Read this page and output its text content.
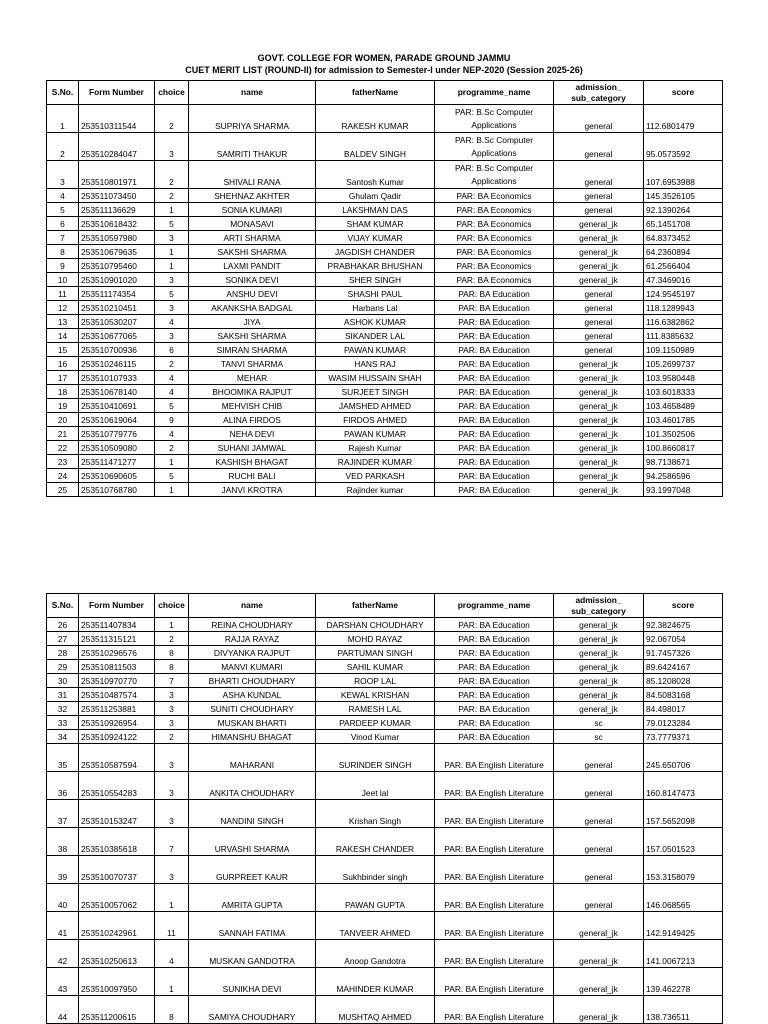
GOVT. COLLEGE FOR WOMEN, PARADE GROUND JAMMU
CUET MERIT LIST (ROUND-II) for admission to Semester-I under NEP-2020 (Session 2025-26)
S.No.	Form Number	choice	name	fatherName	programme_name	admission_ sub_category	score
1	253510311544	2	SUPRIYA SHARMA	RAKESH KUMAR	PAR: B.Sc Computer Applications	general	112.6801479
2	253510284047	3	SAMRITI THAKUR	BALDEV SINGH	PAR: B.Sc Computer Applications	general	95.0573592
3	253510801971	2	SHIVALI RANA	Santosh Kumar	PAR: B.Sc Computer Applications	general	107.6953988
4	253511073450	2	SHEHNAZ AKHTER	Ghulam Qadir	PAR: BA Economics	general	145.3526105
5	253511136629	1	SONIA KUMARI	LAKSHMAN DAS	PAR: BA Economics	general	92.1390264
6	253510618432	5	MONASAVI	SHAM KUMAR	PAR: BA Economics	general_jk	65.1451708
7	253510597980	3	ARTI SHARMA	VIJAY KUMAR	PAR: BA Economics	general_jk	64.8373452
8	253510679635	1	SAKSHI SHARMA	JAGDISH CHANDER	PAR: BA Economics	general_jk	64.2360894
9	253510795460	1	LAXMI PANDIT	PRABHAKAR BHUSHAN	PAR: BA Economics	general_jk	61.2566404
10	253510901020	3	SONIKA DEVI	SHER SINGH	PAR: BA Economics	general_jk	47.3469016
11	253511174354	5	ANSHU DEVI	SHASHI PAUL	PAR: BA Education	general	124.9545197
12	253510210451	3	AKANKSHA BADGAL	Harbans Lal	PAR: BA Education	general	118.1289943
13	253510530207	4	JIYA	ASHOK KUMAR	PAR: BA Education	general	116.6382862
14	253510677065	3	SAKSHI SHARMA	SIKANDER LAL	PAR: BA Education	general	111.8385632
15	253510700936	6	SIMRAN SHARMA	PAWAN KUMAR	PAR: BA Education	general	109.1150989
16	253510246115	2	TANVI SHARMA	HANS RAJ	PAR: BA Education	general_jk	105.2699737
17	253510107933	4	MEHAR	WASIM HUSSAIN SHAH	PAR: BA Education	general_jk	103.9580448
18	253510678140	4	BHOOMIKA RAJPUT	SURJEET SINGH	PAR: BA Education	general_jk	103.6018333
19	253510410691	5	MEHVISH CHIB	JAMSHED AHMED	PAR: BA Education	general_jk	103.4658489
20	253510619064	9	ALINA FIRDOS	FIRDOS AHMED	PAR: BA Education	general_jk	103.4601785
21	253510779776	4	NEHA DEVI	PAWAN KUMAR	PAR: BA Education	general_jk	101.3502506
22	253510509080	2	SUHANI JAMWAL	Rajesh Kumar	PAR: BA Education	general_jk	100.8660817
23	253511471277	1	KASHISH BHAGAT	RAJINDER KUMAR	PAR: BA Education	general_jk	98.7138671
24	253510690605	5	RUCHI BALI	VED PARKASH	PAR: BA Education	general_jk	94.2586596
25	253510768780	1	JANVI KROTRA	Rajinder kumar	PAR: BA Education	general_jk	93.1997048
S.No.	Form Number	choice	name	fatherName	programme_name	admission_ sub_category	score
26	253511407834	1	REINA CHOUDHARY	DARSHAN CHOUDHARY	PAR: BA Education	general_jk	92.3824675
27	253511315121	2	RAJJA RAYAZ	MOHD RAYAZ	PAR: BA Education	general_jk	92.067054
28	253510296576	8	DIVYANKA RAJPUT	PARTUMAN SINGH	PAR: BA Education	general_jk	91.7457326
29	253510811503	8	MANVI KUMARI	SAHIL KUMAR	PAR: BA Education	general_jk	89.6424167
30	253510970770	7	BHARTI CHOUDHARY	ROOP LAL	PAR: BA Education	general_jk	85.1208028
31	253510487574	3	ASHA KUNDAL	KEWAL KRISHAN	PAR: BA Education	general_jk	84.5083168
32	253511253881	3	SUNITI CHOUDHARY	RAMESH LAL	PAR: BA Education	general_jk	84.498017
33	253510926954	3	MUSKAN BHARTI	PARDEEP KUMAR	PAR: BA Education	sc	79.0123284
34	253510924122	2	HIMANSHU BHAGAT	Vinod Kumar	PAR: BA Education	sc	73.7779371
35	253510587594	3	MAHARANI	SURINDER SINGH	PAR: BA English Literature	general	245.650706
36	253510554283	3	ANKITA CHOUDHARY	Jeet lal	PAR: BA English Literature	general	160.8147473
37	253510153247	3	NANDINI SINGH	Krishan Singh	PAR: BA English Literature	general	157.5652098
38	253510385618	7	URVASHI SHARMA	RAKESH CHANDER	PAR: BA English Literature	general	157.0501523
39	253510070737	3	GURPREET KAUR	Sukhbinder singh	PAR: BA English Literature	general	153.3158079
40	253510057062	1	AMRITA GUPTA	PAWAN GUPTA	PAR: BA English Literature	general	146.068565
41	253510242961	11	SANNAH FATIMA	TANVEER AHMED	PAR: BA English Literature	general_jk	142.9149425
42	253510250613	4	MUSKAN GANDOTRA	Anoop Gandotra	PAR: BA English Literature	general_jk	141.0067213
43	253510097950	1	SUNIKHA DEVI	MAHINDER KUMAR	PAR: BA English Literature	general_jk	139.462278
44	253511200615	8	SAMIYA CHOUDHARY	MUSHTAQ AHMED	PAR: BA English Literature	general_jk	138.736511
